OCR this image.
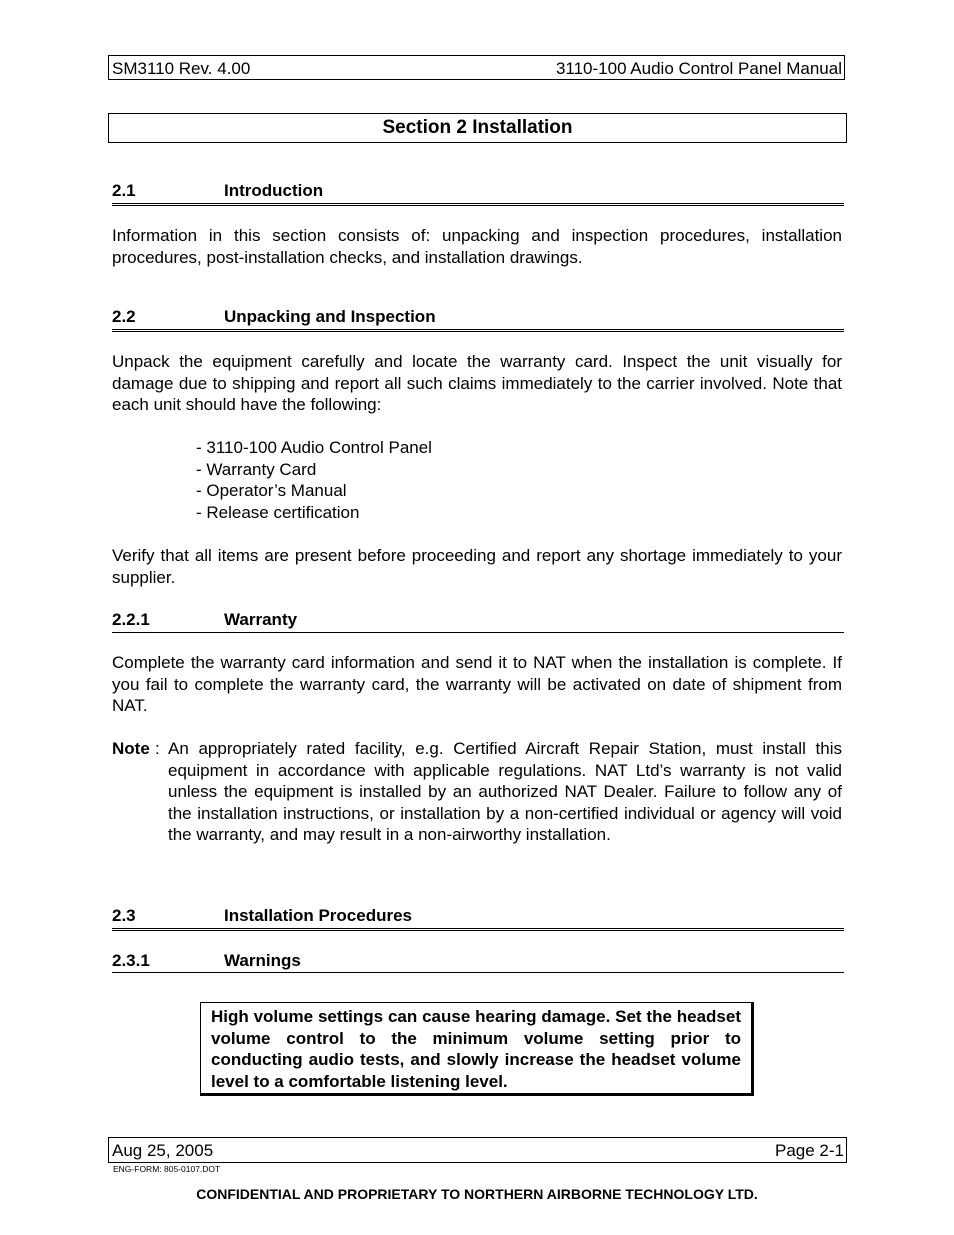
SM3110 Rev. 4.00	3110-100 Audio Control Panel Manual
Section 2 Installation
2.1	Introduction
Information in this section consists of: unpacking and inspection procedures, installation procedures, post-installation checks, and installation drawings.
2.2	Unpacking and Inspection
Unpack the equipment carefully and locate the warranty card. Inspect the unit visually for damage due to shipping and report all such claims immediately to the carrier involved. Note that each unit should have the following:
- 3110-100 Audio Control Panel
- Warranty Card
- Operator’s Manual
- Release certification
Verify that all items are present before proceeding and report any shortage immediately to your supplier.
2.2.1	Warranty
Complete the warranty card information and send it to NAT when the installation is complete. If you fail to complete the warranty card, the warranty will be activated on date of shipment from NAT.
Note : An appropriately rated facility, e.g. Certified Aircraft Repair Station, must install this equipment in accordance with applicable regulations. NAT Ltd’s warranty is not valid unless the equipment is installed by an authorized NAT Dealer. Failure to follow any of the installation instructions, or installation by a non-certified individual or agency will void the warranty, and may result in a non-airworthy installation.
2.3	Installation Procedures
2.3.1	Warnings
High volume settings can cause hearing damage. Set the headset volume control to the minimum volume setting prior to conducting audio tests, and slowly increase the headset volume level to a comfortable listening level.
Aug 25, 2005	Page 2-1
ENG-FORM: 805-0107.DOT
CONFIDENTIAL AND PROPRIETARY TO NORTHERN AIRBORNE TECHNOLOGY LTD.
